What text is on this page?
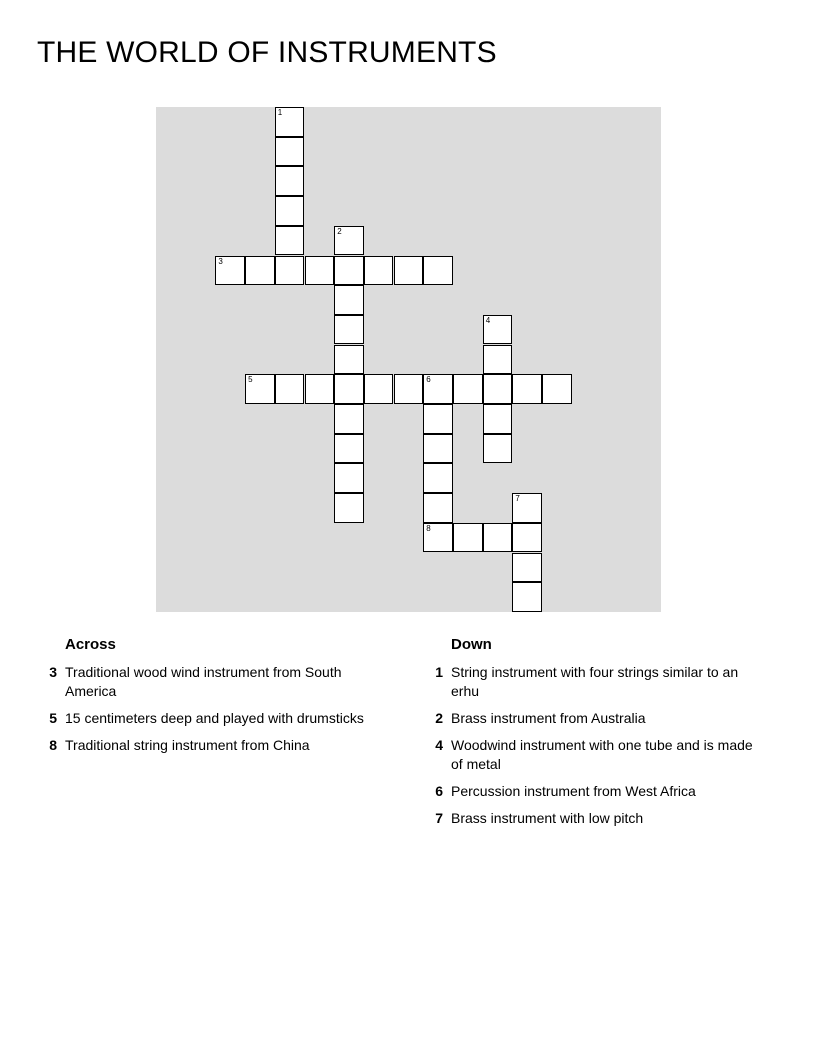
THE WORLD OF INSTRUMENTS
1
2
3
4
5	6
7
8
Across
3 Traditional wood wind instrument from South America
5 15 centimeters deep and played with drumsticks
8 Traditional string instrument from China
Down
1 String instrument with four strings similar to an erhu
2 Brass instrument from Australia
4 Woodwind instrument with one tube and is made of metal
6 Percussion instrument from West Africa
7 Brass instrument with low pitch
